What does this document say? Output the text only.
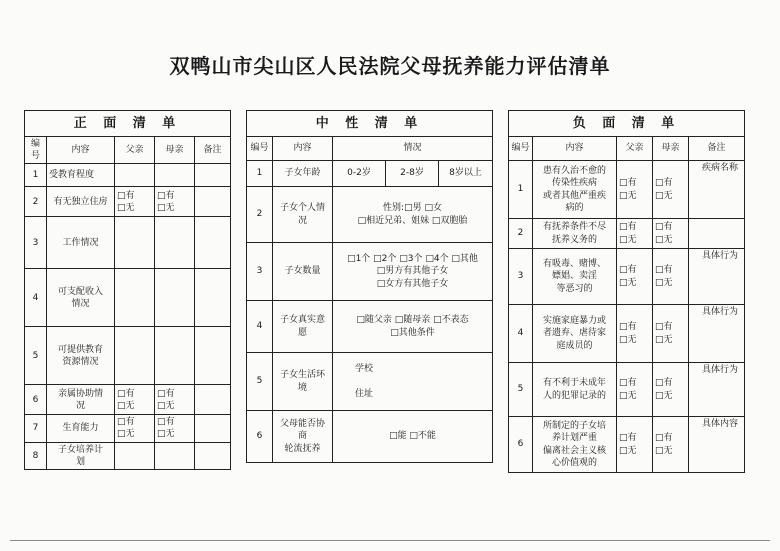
双鸭山市尖山区人民法院父母抚养能力评估清单
正 面 清 单				
编号	内容	父亲	母亲	备注
1	受教育程度			
2	有无独立住房	□有
□无	□有
□无	

3	工作情况			
4	可支配收入
情况			

5	可提供教育
资源情况			

6	亲属协助情
况	□有
□无	□有
□无	

7	生育能力	□有
□无	□有
□无	

8	子女培养计
划			

中 性 清 单				
编号	内容	情况		
1	子女年龄	0-2岁	2-8岁	8岁以上
2	子女个人情
况	性别:□男 □女
□相近兄弟、姐妹 □双胞胎		

3	子女数量	□1个 □2个 □3个 □4个 □其他
□男方有其他子女
□女方有其他子女		

4	子女真实意
愿	□随父亲 □随母亲 □不表态
□其他条件		

5	子女生活环
境	学校

住址		

6	父母能否协
商
轮流抚养	□能 □不能		
负 面 清 单				
编号	内容	父亲	母亲	备注
1	患有久治不愈的
传染性疾病
或者其他严重疾
病的	□有
□无	□有
□无	疾病名称

2	有抚养条件不尽
抚养义务的	□有
□无	□有
□无	

3	有吸毒、赌博、
嫖娼、卖淫
等恶习的	□有
□无	□有
□无	具体行为

4	实施家庭暴力或
者遗弃、虐待家
庭成员的	□有
□无	□有
□无	具体行为

5	有不利于未成年
人的犯罪记录的	□有
□无	□有
□无	具体行为

6	所制定的子女培
养计划严重
偏离社会主义核
心价值观的	□有
□无	□有
□无	具体内容
